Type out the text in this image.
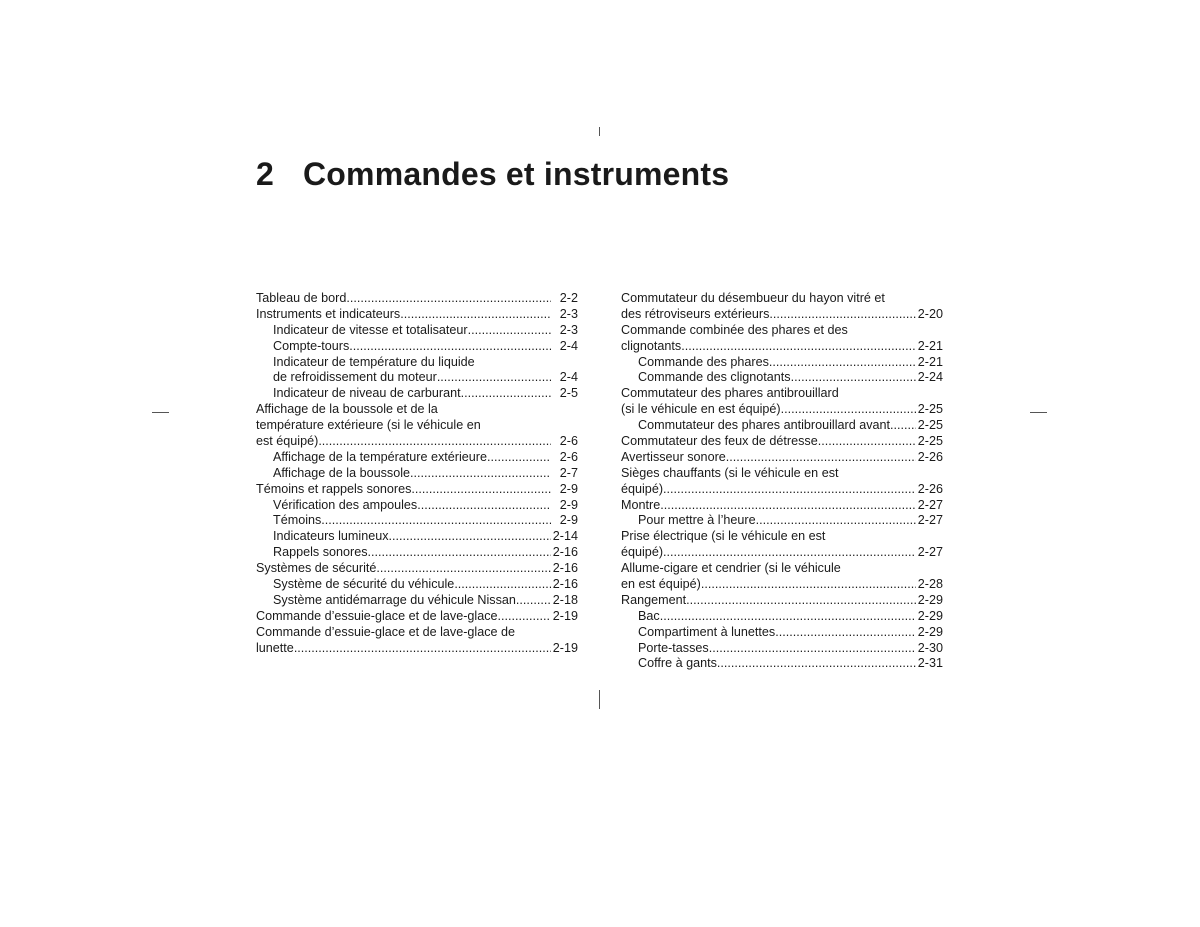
2 Commandes et instruments
Tableau de bord .....	2-2
Instruments et indicateurs .....	2-3
Indicateur de vitesse et totalisateur .....	2-3
Compte-tours .....	2-4
Indicateur de température du liquide
de refroidissement du moteur .....	2-4
Indicateur de niveau de carburant .....	2-5
Affichage de la boussole et de la
température extérieure (si le véhicule en
est équipé) .....	2-6
Affichage de la température extérieure .....	2-6
Affichage de la boussole .....	2-7
Témoins et rappels sonores .....	2-9
Vérification des ampoules .....	2-9
Témoins .....	2-9
Indicateurs lumineux .....	2-14
Rappels sonores .....	2-16
Systèmes de sécurité .....	2-16
Système de sécurité du véhicule .....	2-16
Système antidémarrage du véhicule Nissan .....	2-18
Commande d’essuie-glace et de lave-glace .....	2-19
Commande d’essuie-glace et de lave-glace de
lunette .....	2-19
Commutateur du désembueur du hayon vitré et
des rétroviseurs extérieurs .....	2-20
Commande combinée des phares et des
clignotants .....	2-21
Commande des phares .....	2-21
Commande des clignotants .....	2-24
Commutateur des phares antibrouillard
(si le véhicule en est équipé) .....	2-25
Commutateur des phares antibrouillard avant ..... 2-25
Commutateur des feux de détresse .....	2-25
Avertisseur sonore .....	2-26
Sièges chauffants (si le véhicule en est
équipé) .....	2-26
Montre .....	2-27
Pour mettre à l’heure .....	2-27
Prise électrique (si le véhicule en est
équipé) .....	2-27
Allume-cigare et cendrier (si le véhicule
en est équipé) .....	2-28
Rangement .....	2-29
Bac .....	2-29
Compartiment à lunettes .....	2-29
Porte-tasses .....	2-30
Coffre à gants .....	2-31
